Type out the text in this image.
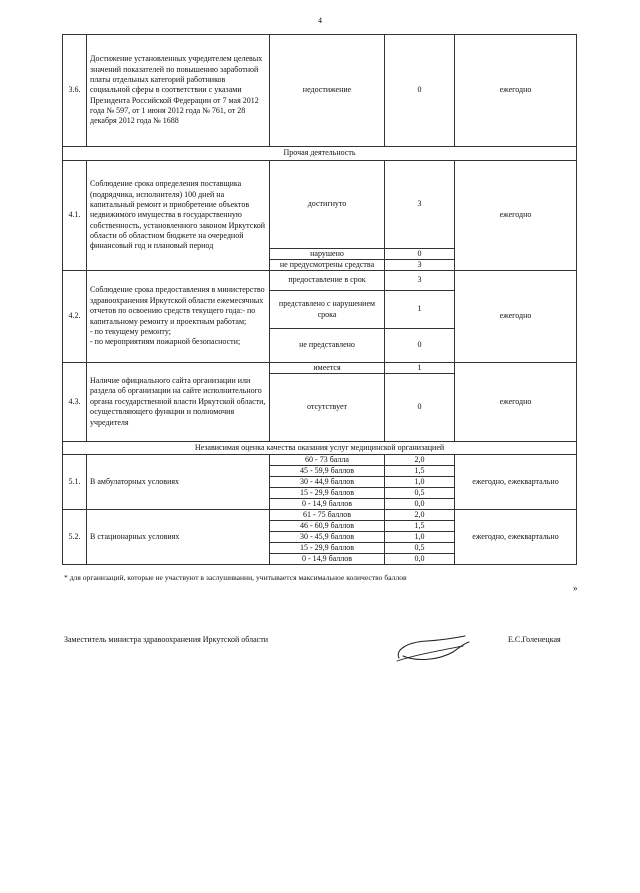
4
3.6.	Достижение установленных учредителем целевых значений показателей по повышению заработной платы отдельных категорий работников социальной сферы в соответствии с указами Президента Российской Федерации от 7 мая 2012 года № 597, от 1 июня 2012 года № 761, от 28 декабря 2012 года № 1688	недостижение	0	ежегодно
Прочая деятельность				
4.1.	Соблюдение срока определения поставщика (подрядчика, исполнителя) 100 дней на капитальный ремонт и приобретение объектов недвижимого имущества в государственную собственность, установленного законом Иркутской области об областном бюджете на очередной финансовый год и плановый период	достигнуто	3	ежегодно
		нарушено	0	
		не предусмотрены средства	3	
4.2.	Соблюдение срока предоставления в министерство здравоохранения Иркутской области ежемесячных отчетов по освоению средств текущего года:- по капитальному ремонту и проектным работам;
- по текущему ремонту;
- по мероприятиям пожарной безопасности;	предоставление в срок	3	ежегодно
		представлено с нарушением срока	1	
		не представлено	0	
4.3.	Наличие официального сайта организации или раздела об организации на сайте исполнительного органа государственной власти Иркутской области, осуществляющего функции и полномочия учредителя	имеется	1	ежегодно
		отсутствует	0	
Независимая оценка качества оказания услуг медицинской организацией				
5.1.	В амбулаторных условиях	60 - 73 балла	2,0	ежегодно, ежеквартально
		45 - 59,9 баллов	1,5	
		30 - 44,9 баллов	1,0	
		15 - 29,9 баллов	0,5	
		0 - 14,9 баллов	0,0	
5.2.	В стационарных условиях	61 - 75 баллов	2,0	ежегодно, ежеквартально
		46 - 60,9 баллов	1,5	
		30 - 45,9 баллов	1,0	
		15 - 29,9 баллов	0,5	
		0 - 14,9 баллов	0,0	
* для организаций, которые не участвуют в заслушивании, учитывается максимальное количество баллов
»
Заместитель министра здравоохранения Иркутской области	Е.С.Голенецкая
